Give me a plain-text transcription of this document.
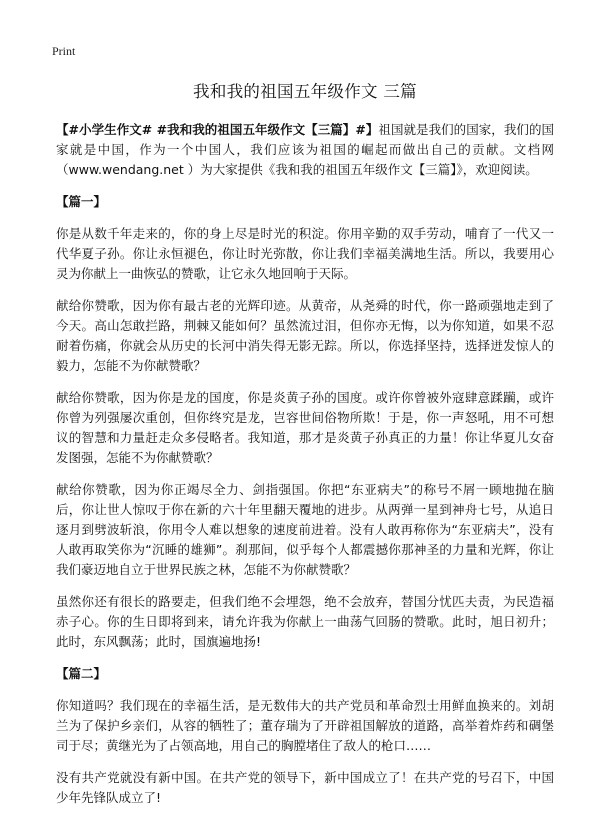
Print
我和我的祖国五年级作文 三篇

【#小学生作文# #我和我的祖国五年级作文【三篇】#】祖国就是我们的国家，我们的国家就是中国，作为一个中国人，我们应该为祖国的崛起而做出自己的贡献。文档网（www.wendang.net ）为大家提供《我和我的祖国五年级作文【三篇】》，欢迎阅读。

【篇一】

你是从数千年走来的，你的身上尽是时光的积淀。你用辛勤的双手劳动，哺育了一代又一代华夏子孙。你让永恒褪色，你让时光弥散，你让我们幸福美满地生活。所以，我要用心灵为你献上一曲恢弘的赞歌，让它永久地回响于天际。

献给你赞歌，因为你有最古老的光辉印迹。从黄帝，从尧舜的时代，你一路顽强地走到了今天。高山怎敢拦路，荆棘又能如何？虽然流过泪，但你亦无悔，以为你知道，如果不忍耐着伤痛，你就会从历史的长河中消失得无影无踪。所以，你选择坚持，选择迸发惊人的毅力，怎能不为你献赞歌？

献给你赞歌，因为你是龙的国度，你是炎黄子孙的国度。或许你曾被外寇肆意蹂躏，或许你曾为列强屡次重创，但你终究是龙，岂容世间俗物所欺！于是，你一声怒吼，用不可想议的智慧和力量赶走众多侵略者。我知道，那才是炎黄子孙真正的力量！你让华夏儿女奋发图强，怎能不为你献赞歌？

献给你赞歌，因为你正竭尽全力、剑指强国。你把“东亚病夫”的称号不屑一顾地抛在脑后，你让世人惊叹于你在新的六十年里翻天覆地的进步。从两弹一星到神舟七号，从追日逐月到劈波斩浪，你用令人难以想象的速度前进着。没有人敢再称你为“东亚病夫”，没有人敢再取笑你为“沉睡的雄狮”。刹那间，似乎每个人都震撼你那神圣的力量和光辉，你让我们豪迈地自立于世界民族之林，怎能不为你献赞歌？

虽然你还有很长的路要走，但我们绝不会埋怨，绝不会放弃，替国分忧匹夫责，为民造福赤子心。你的生日即将到来，请允许我为你献上一曲荡气回肠的赞歌。此时，旭日初升；此时，东风飘荡；此时，国旗遍地扬!

【篇二】

你知道吗？我们现在的幸福生活，是无数伟大的共产党员和革命烈士用鲜血换来的。刘胡兰为了保护乡亲们，从容的牺牲了；董存瑞为了开辟祖国解放的道路，高举着炸药和碉堡司于尽；黄继光为了占领高地，用自己的胸膛堵住了敌人的枪口……

没有共产党就没有新中国。在共产党的领导下，新中国成立了！在共产党的号召下，中国少年先锋队成立了!
